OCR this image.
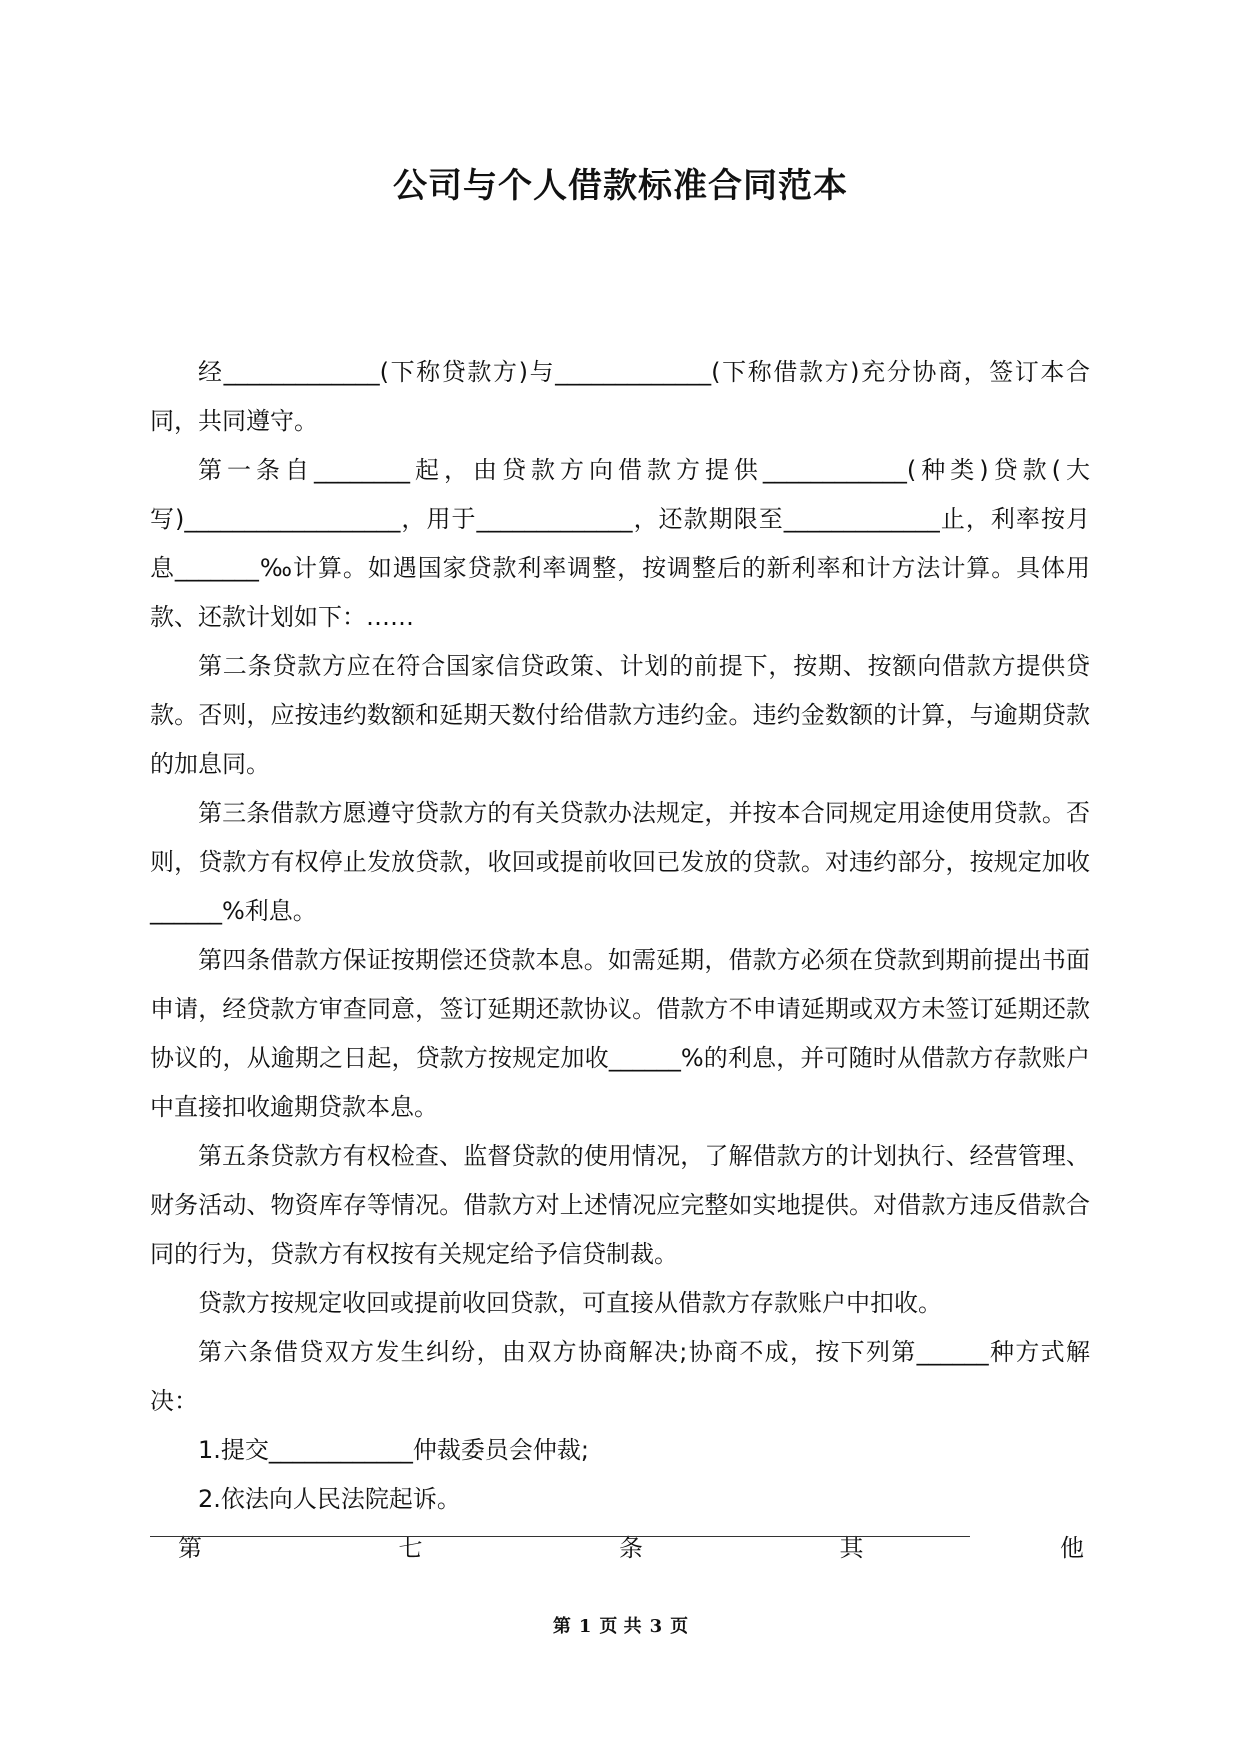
公司与个人借款标准合同范本

经_____________(下称贷款方)与_____________(下称借款方)充分协商，签订本合同，共同遵守。

第一条自________起，由贷款方向借款方提供____________(种类)贷款(大写)__________________，用于_____________，还款期限至_____________止，利率按月息_______‰计算。如遇国家贷款利率调整，按调整后的新利率和计方法计算。具体用款、还款计划如下：……

第二条贷款方应在符合国家信贷政策、计划的前提下，按期、按额向借款方提供贷款。否则，应按违约数额和延期天数付给借款方违约金。违约金数额的计算，与逾期贷款的加息同。

第三条借款方愿遵守贷款方的有关贷款办法规定，并按本合同规定用途使用贷款。否则，贷款方有权停止发放贷款，收回或提前收回已发放的贷款。对违约部分，按规定加收______%利息。

第四条借款方保证按期偿还贷款本息。如需延期，借款方必须在贷款到期前提出书面申请，经贷款方审查同意，签订延期还款协议。借款方不申请延期或双方未签订延期还款协议的，从逾期之日起，贷款方按规定加收______%的利息，并可随时从借款方存款账户中直接扣收逾期贷款本息。

第五条贷款方有权检查、监督贷款的使用情况，了解借款方的计划执行、经营管理、财务活动、物资库存等情况。借款方对上述情况应完整如实地提供。对借款方违反借款合同的行为，贷款方有权按有关规定给予信贷制裁。

贷款方按规定收回或提前收回贷款，可直接从借款方存款账户中扣收。

第六条借贷双方发生纠纷，由双方协商解决;协商不成，按下列第______种方式解决：

1.提交____________仲裁委员会仲裁;

2.依法向人民法院起诉。

第	七	条	其	他
第 1 页 共 3 页
